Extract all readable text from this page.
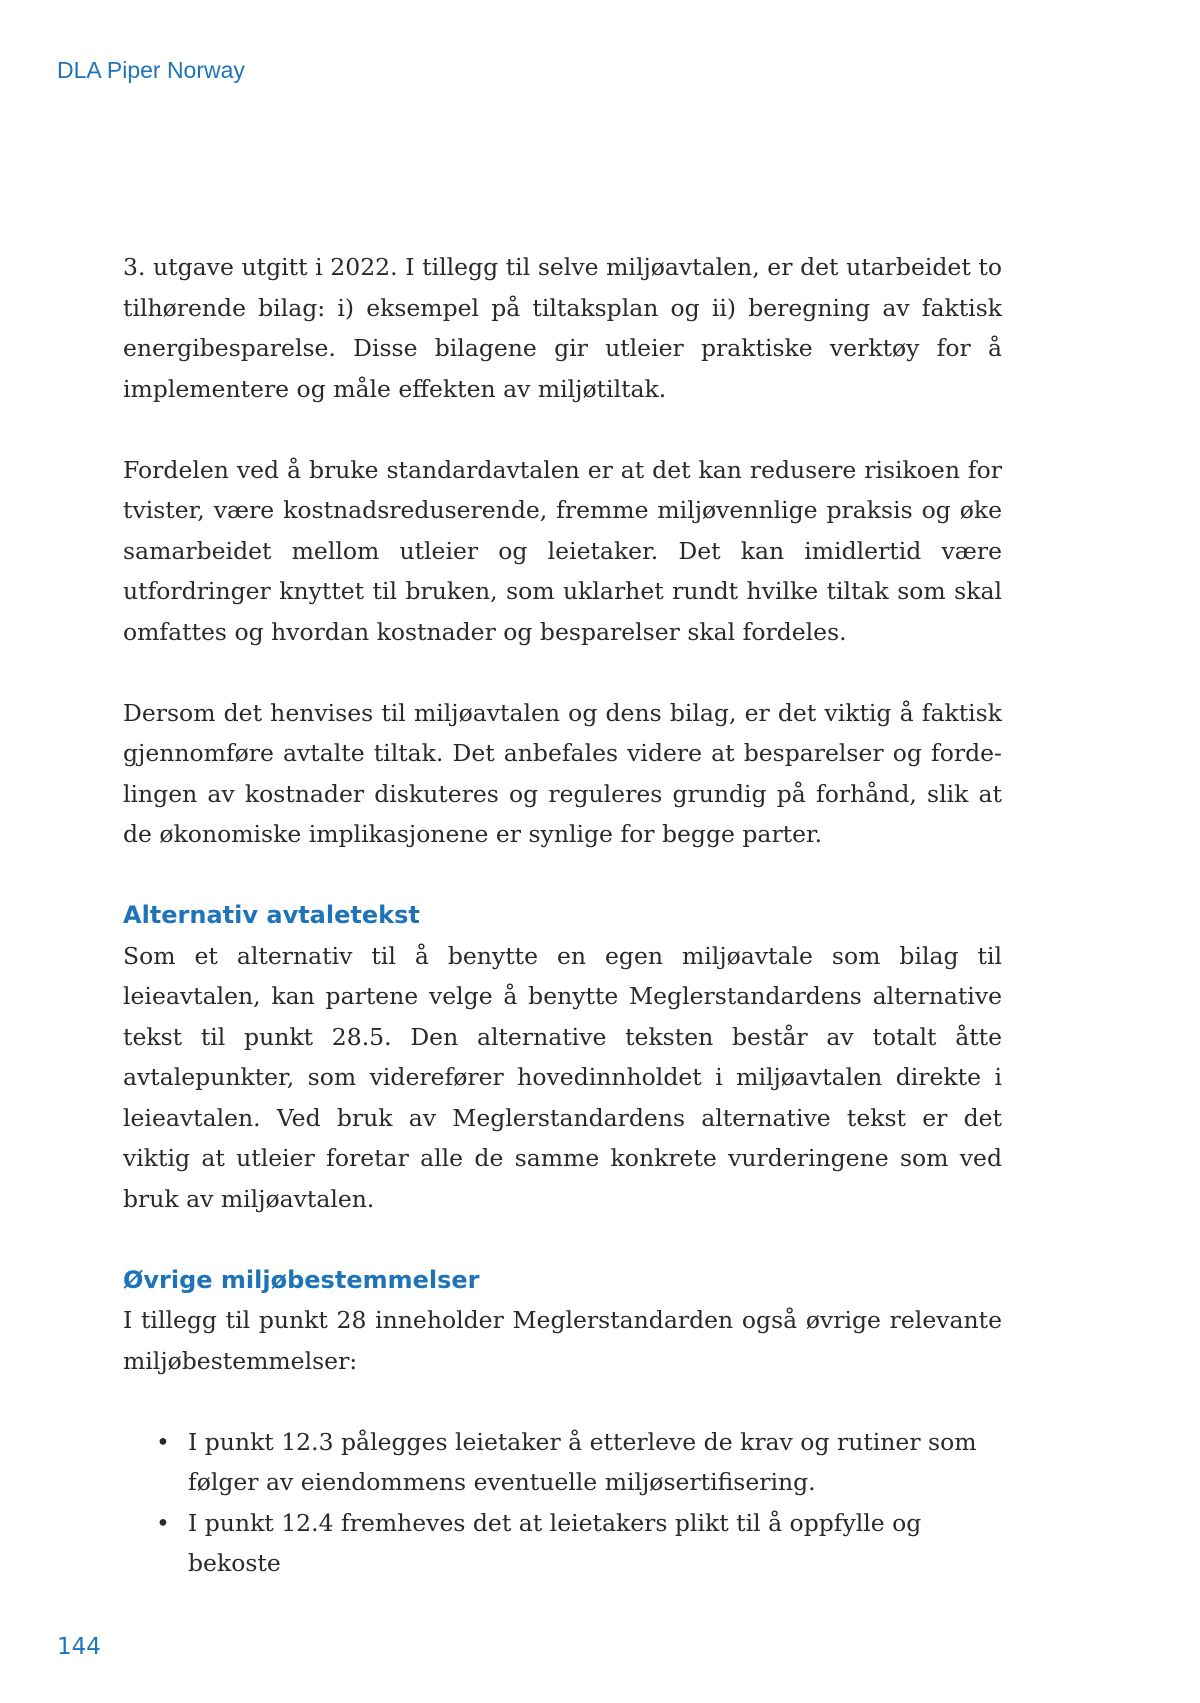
DLA Piper Norway

3. utgave utgitt i 2022. I tillegg til selve miljøavtalen, er det utarbeidet to tilhørende bilag: i) eksempel på tiltaksplan og ii) beregning av faktisk energibesparelse. Disse bilagene gir utleier praktiske verktøy for å implementere og måle effekten av miljøtiltak.

Fordelen ved å bruke standardavtalen er at det kan redusere risikoen for tvister, være kostnadsreduserende, fremme miljøvennlige praksis og øke samarbeidet mellom utleier og leietaker. Det kan imidlertid være utfordringer knyttet til bruken, som uklarhet rundt hvilke tiltak som skal omfattes og hvordan kostnader og besparelser skal fordeles.

Dersom det henvises til miljøavtalen og dens bilag, er det viktig å faktisk gjennomføre avtalte tiltak. Det anbefales videre at besparelser og fordelingen av kostnader diskuteres og reguleres grundig på forhånd, slik at de økonomiske implikasjonene er synlige for begge parter.

Alternativ avtaletekst

Som et alternativ til å benytte en egen miljøavtale som bilag til leieavtalen, kan partene velge å benytte Meglerstandardens alternative tekst til punkt 28.5. Den alternative teksten består av totalt åtte avtalepunkter, som viderefører hovedinnholdet i miljøavtalen direkte i leieavtalen. Ved bruk av Meglerstandardens alternative tekst er det viktig at utleier foretar alle de samme konkrete vurderingene som ved bruk av miljøavtalen.

Øvrige miljøbestemmelser

I tillegg til punkt 28 inneholder Meglerstandarden også øvrige relevante miljøbestemmelser:

• I punkt 12.3 pålegges leietaker å etterleve de krav og rutiner som følger av eiendommens eventuelle miljøsertifisering.
• I punkt 12.4 fremheves det at leietakers plikt til å oppfylle og bekoste
144
